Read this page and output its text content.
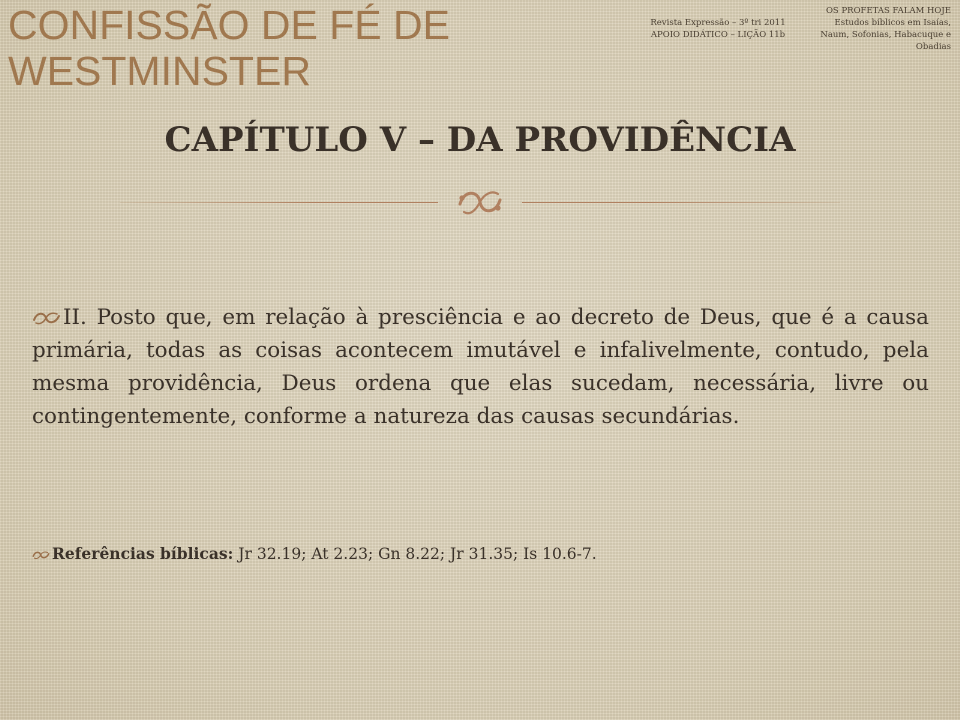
CONFISSÃO DE FÉ DE WESTMINSTER
Revista Expressão – 3º tri 2011 APOIO DIDÁTICO – LIÇÃO 11b
OS PROFETAS FALAM HOJE Estudos bíblicos em Isaías, Naum, Sofonias, Habacuque e Obadias
CAPÍTULO V – DA PROVIDÊNCIA
II. Posto que, em relação à presciência e ao decreto de Deus, que é a causa primária, todas as coisas acontecem imutável e infalivelmente, contudo, pela mesma providência, Deus ordena que elas sucedam, necessária, livre ou contingentemente, conforme a natureza das causas secundárias.
Referências bíblicas: Jr 32.19; At 2.23; Gn 8.22; Jr 31.35; Is 10.6-7.
